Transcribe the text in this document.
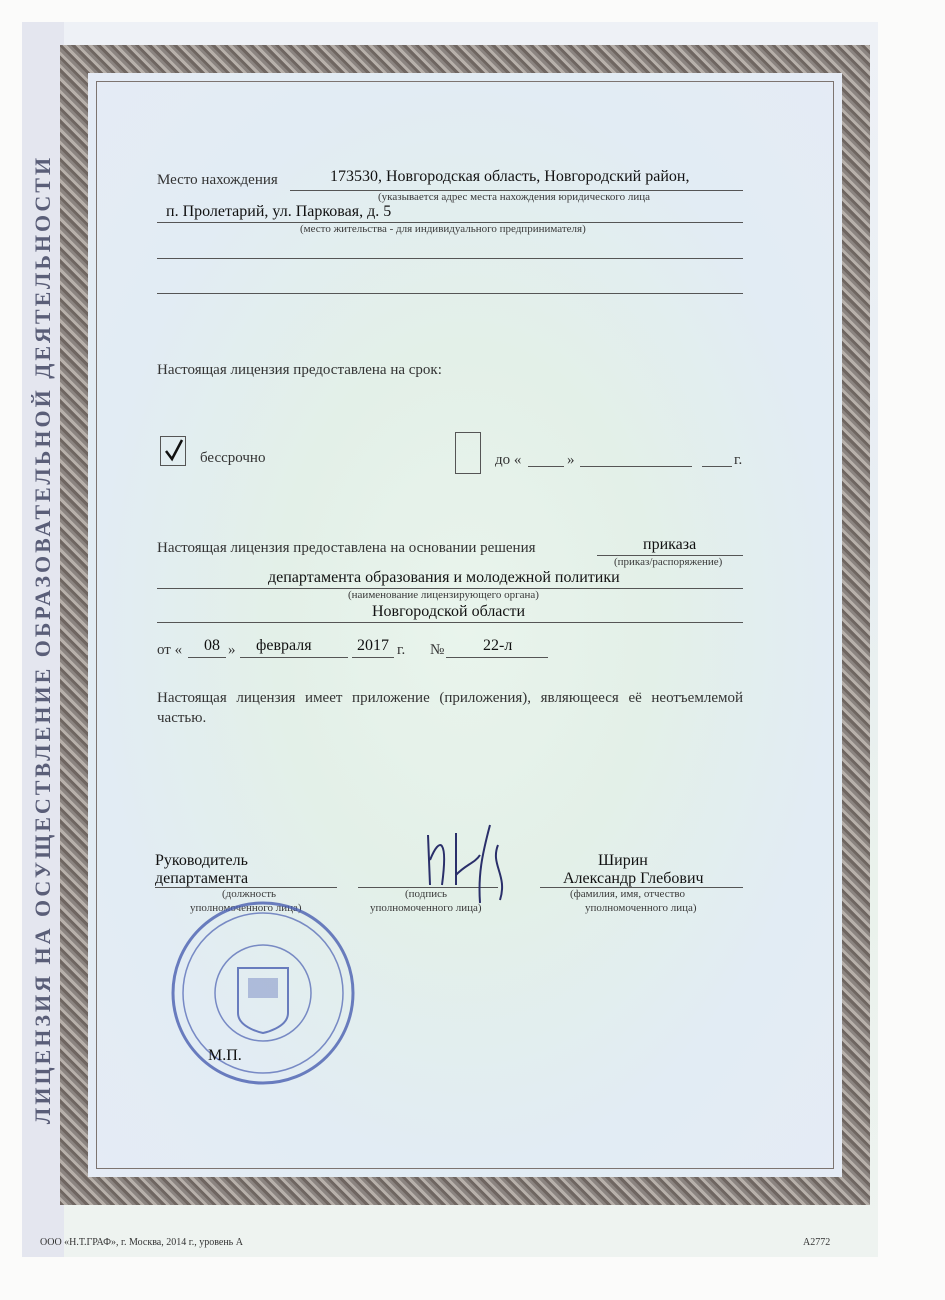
ЛИЦЕНЗИЯ НА ОСУЩЕСТВЛЕНИЕ ОБРАЗОВАТЕЛЬНОЙ ДЕЯТЕЛЬНОСТИ	Место нахождения	173530, Новгородская область, Новгородский район,
(указывается адрес места нахождения юридического лица
п. Пролетарий, ул. Парковая, д. 5
(место жительства - для индивидуального предпринимателя)
Настоящая лицензия предоставлена на срок:
бессрочно	до «	»	г.
Настоящая лицензия предоставлена на основании решения	приказа
(приказ/распоряжение)
департамента образования и молодежной политики
(наименование лицензирующего органа)
Новгородской области
от « 08 » февраля	2017 г. № 22-л
Настоящая лицензия имеет приложение (приложения), являющееся её неотъемлемой частью.
Руководитель
департамента
(должность
уполномоченного лица)
(подпись
уполномоченного лица)
Ширин
Александр Глебович
(фамилия, имя, отчество
уполномоченного лица)
М.П.
ООО «Н.Т.ГРАФ», г. Москва, 2014 г., уровень А	А2772
